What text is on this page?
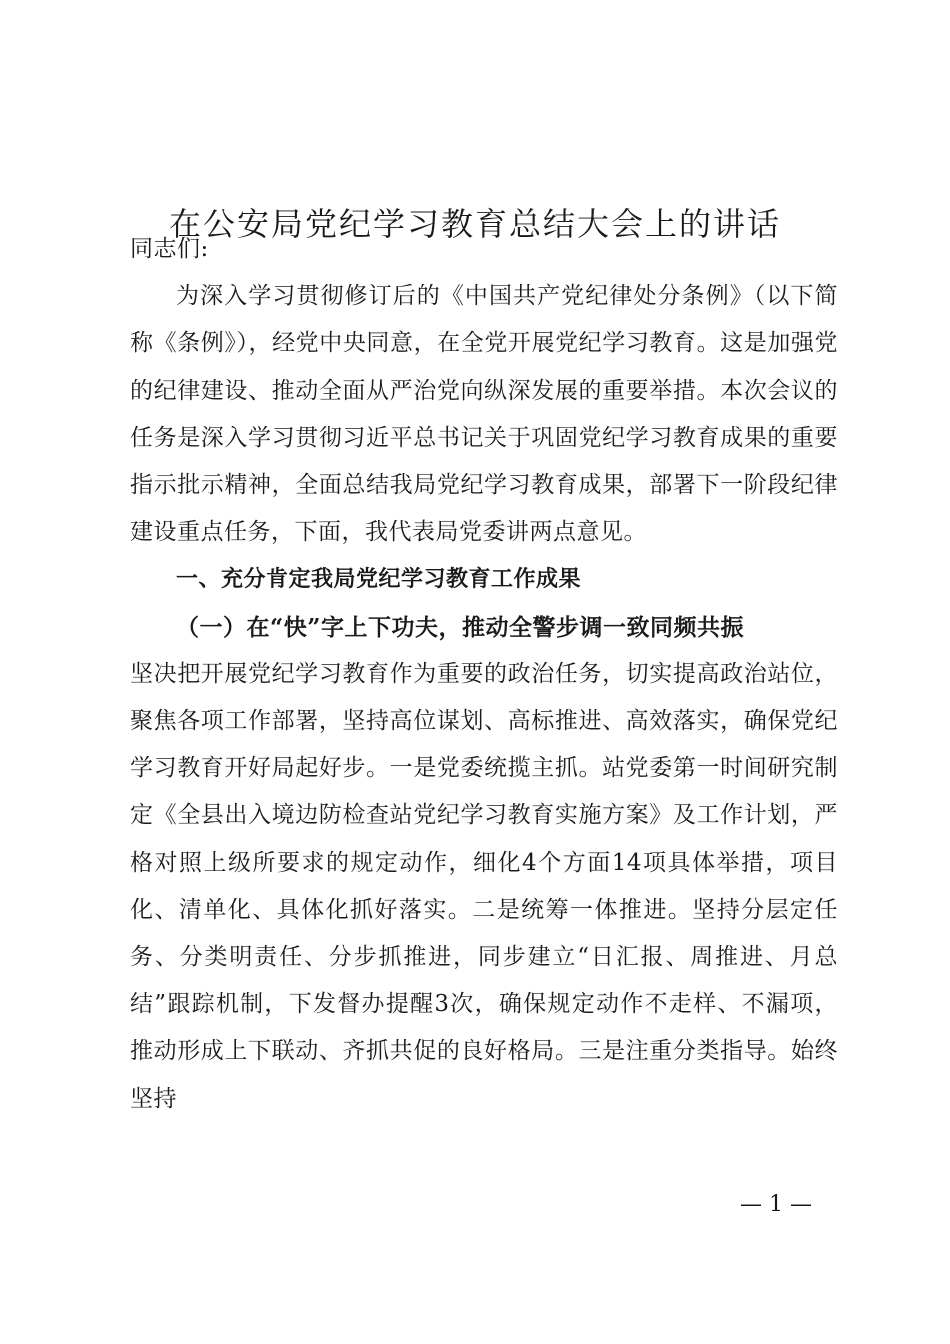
在公安局党纪学习教育总结大会上的讲话

同志们:

为深入学习贯彻修订后的《中国共产党纪律处分条例》（以下简称《条例》），经党中央同意，在全党开展党纪学习教育。这是加强党的纪律建设、推动全面从严治党向纵深发展的重要举措。本次会议的任务是深入学习贯彻习近平总书记关于巩固党纪学习教育成果的重要指示批示精神，全面总结我局党纪学习教育成果，部署下一阶段纪律建设重点任务，下面，我代表局党委讲两点意见。

一、充分肯定我局党纪学习教育工作成果

（一）在“快”字上下功夫，推动全警步调一致同频共振

坚决把开展党纪学习教育作为重要的政治任务，切实提高政治站位，聚焦各项工作部署，坚持高位谋划、高标推进、高效落实，确保党纪学习教育开好局起好步。一是党委统揽主抓。站党委第一时间研究制定《全县出入境边防检查站党纪学习教育实施方案》及工作计划，严格对照上级所要求的规定动作，细化4个方面14项具体举措，项目化、清单化、具体化抓好落实。二是统筹一体推进。坚持分层定任务、分类明责任、分步抓推进，同步建立“日汇报、周推进、月总结”跟踪机制，下发督办提醒3次，确保规定动作不走样、不漏项，推动形成上下联动、齐抓共促的良好格局。三是注重分类指导。始终坚持

— 1 —
